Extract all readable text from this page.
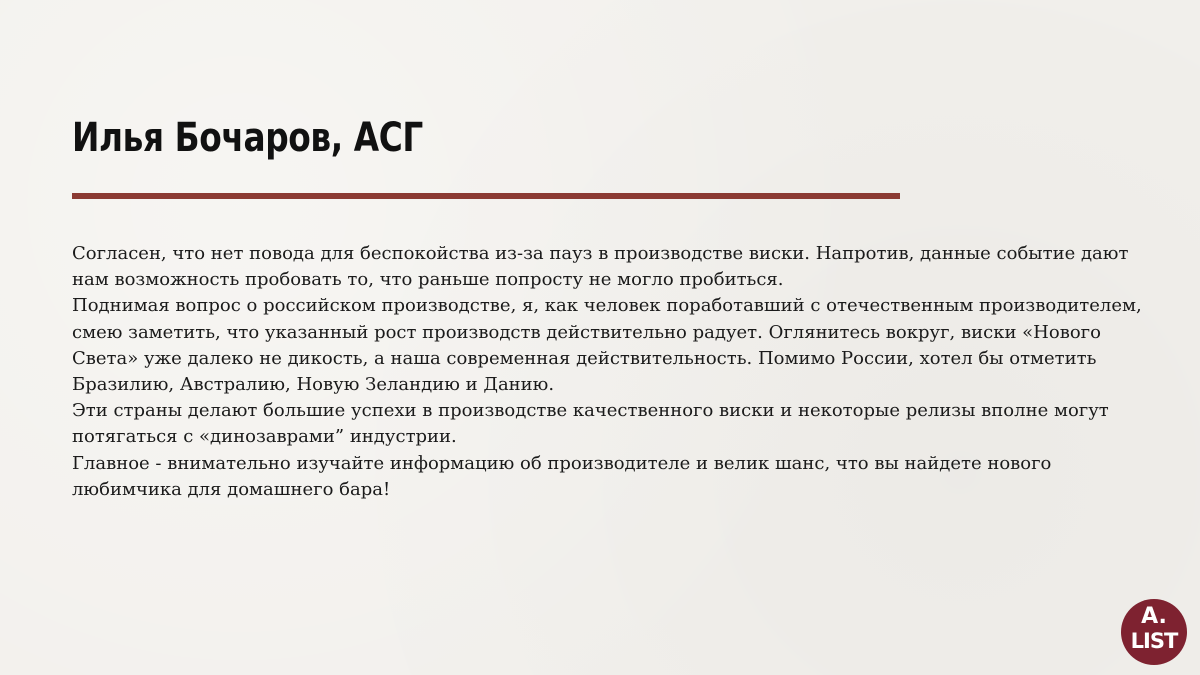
Илья Бочаров, АСГ

Согласен, что нет повода для беспокойства из-за пауз в производстве виски. Напротив, данные событие дают нам возможность пробовать то, что раньше попросту не могло пробиться.

Поднимая вопрос о российском производстве, я, как человек поработавший с отечественным производителем, смею заметить, что указанный рост производств действительно радует. Оглянитесь вокруг, виски «Нового Света» уже далеко не дикость, а наша современная действительность. Помимо России, хотел бы отметить Бразилию, Австралию, Новую Зеландию и Данию.

Эти страны делают большие успехи в производстве качественного виски и некоторые релизы вполне могут потягаться с «динозаврами” индустрии.

Главное - внимательно изучайте информацию об производителе и велик шанс, что вы найдете нового любимчика для домашнего бара!

A.
LIST
